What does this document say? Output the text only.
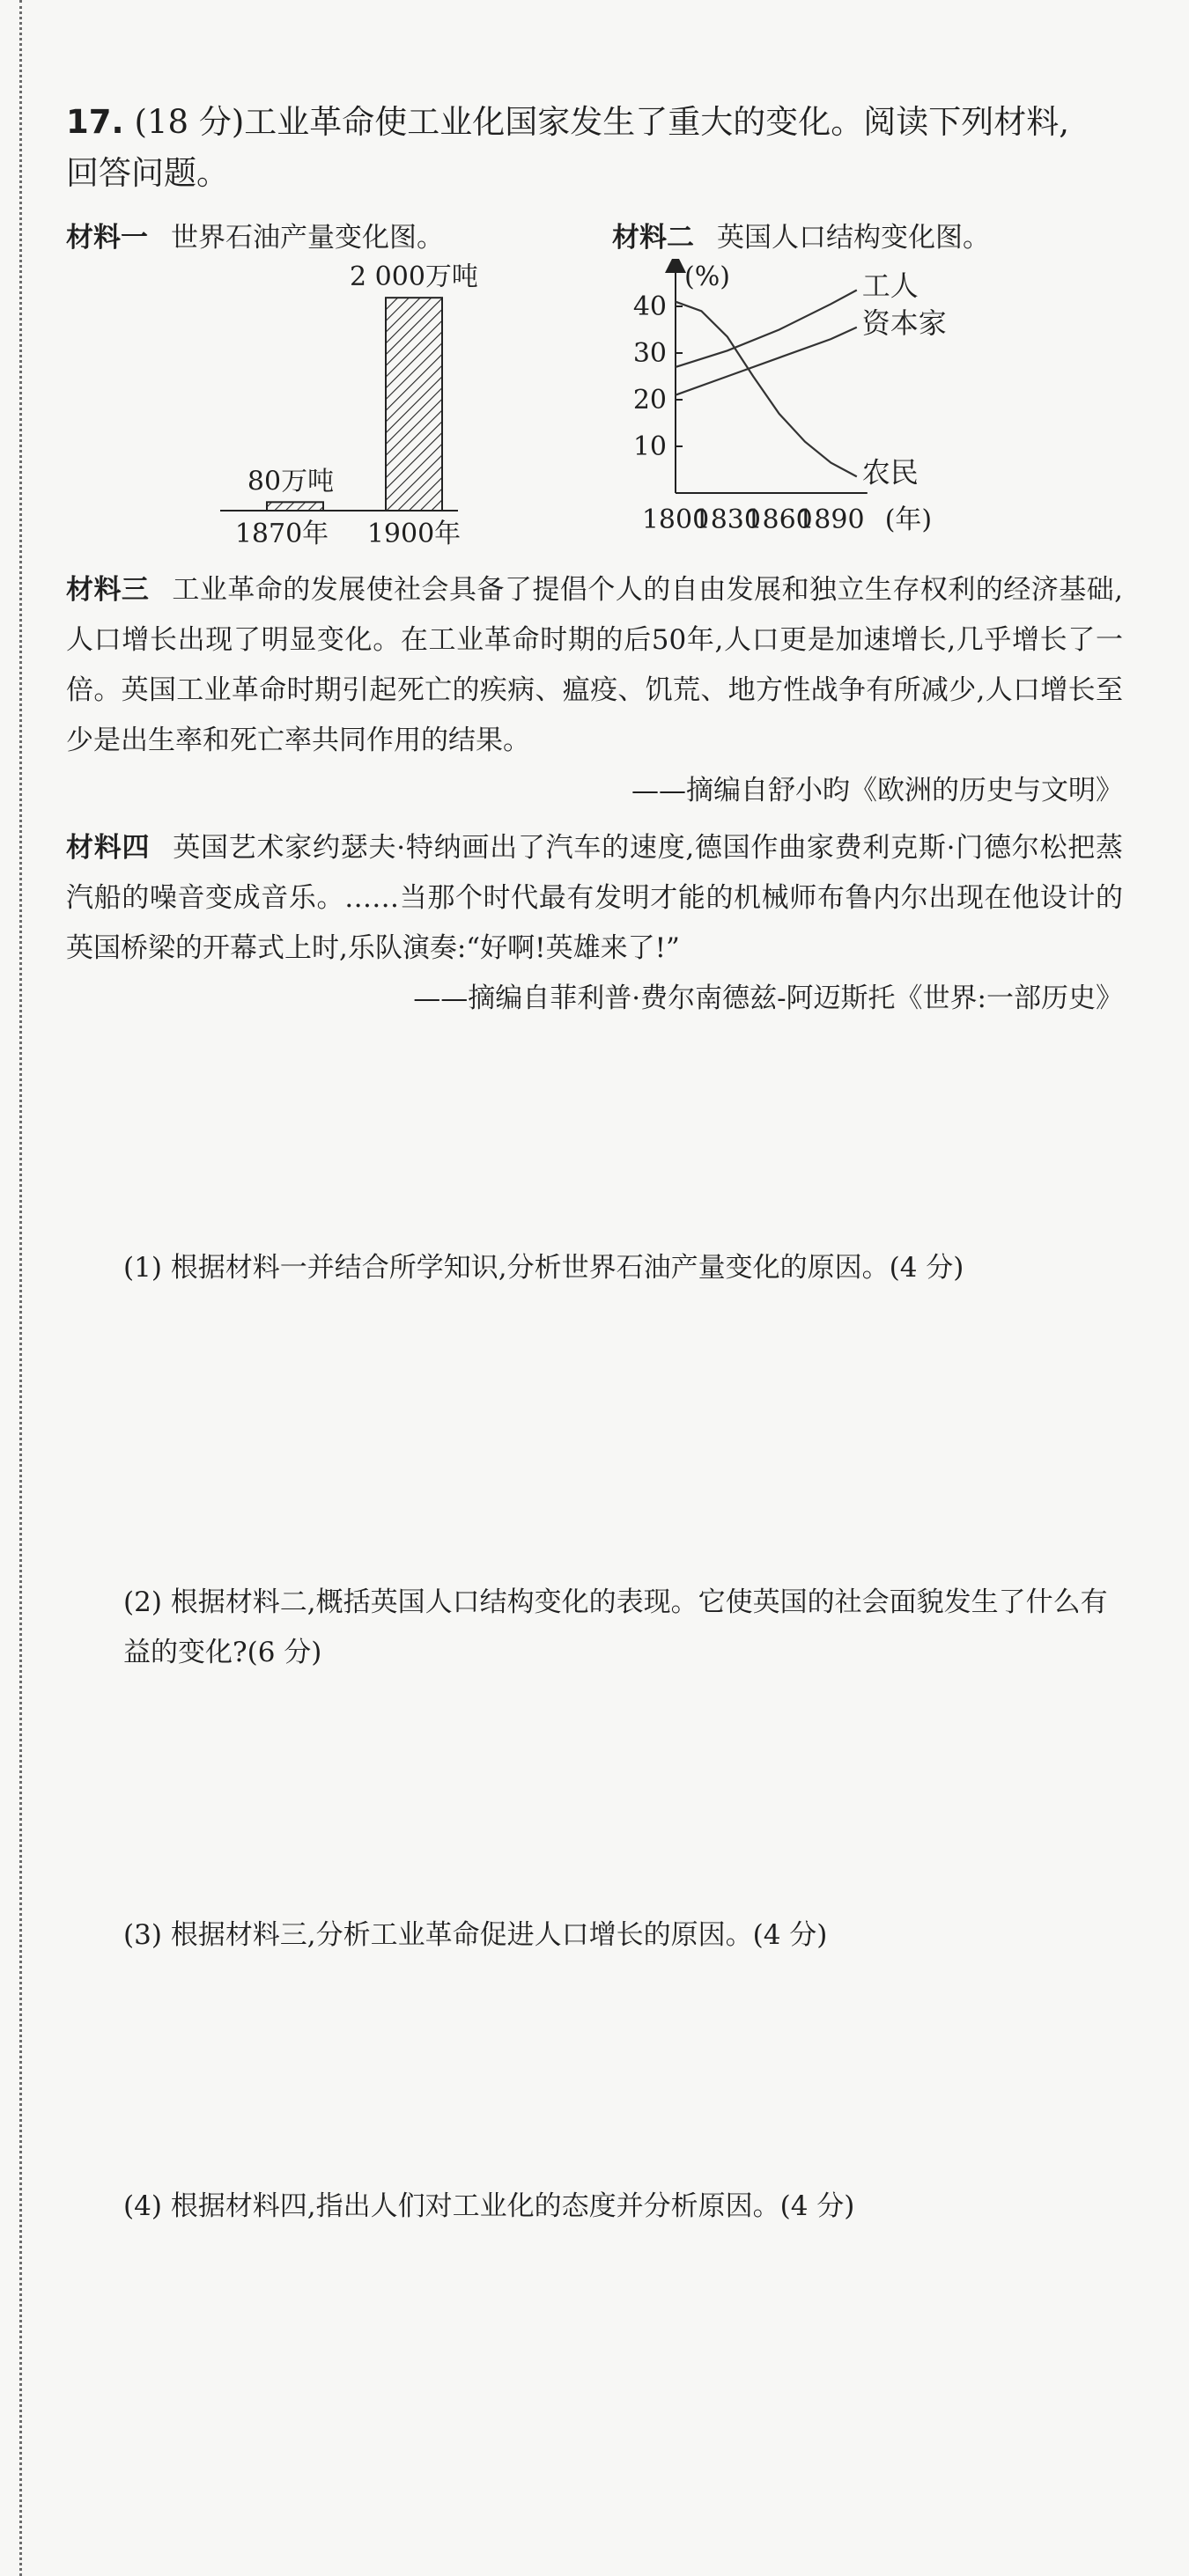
17. (18 分)工业革命使工业化国家发生了重大的变化。阅读下列材料,
回答问题。
材料一 世界石油产量变化图。	材料二 英国人口结构变化图。
80万吨
1870年
2 000万吨
1900年
(%)
10
20
30
40
1800
1830
1860
1890 (年)
工人
资本家
农民
材料三 工业革命的发展使社会具备了提倡个人的自由发展和独立生存权利的经济基础,人口增长出现了明显变化。在工业革命时期的后50年,人口更是加速增长,几乎增长了一倍。英国工业革命时期引起死亡的疾病、瘟疫、饥荒、地方性战争有所减少,人口增长至少是出生率和死亡率共同作用的结果。
——摘编自舒小昀《欧洲的历史与文明》
材料四 英国艺术家约瑟夫·特纳画出了汽车的速度,德国作曲家费利克斯·门德尔松把蒸汽船的噪音变成音乐。……当那个时代最有发明才能的机械师布鲁内尔出现在他设计的英国桥梁的开幕式上时,乐队演奏:“好啊!英雄来了!”
——摘编自菲利普·费尔南德兹-阿迈斯托《世界:一部历史》
(1) 根据材料一并结合所学知识,分析世界石油产量变化的原因。(4 分)
(2) 根据材料二,概括英国人口结构变化的表现。它使英国的社会面貌发生了什么有益的变化?(6 分)
(3) 根据材料三,分析工业革命促进人口增长的原因。(4 分)
(4) 根据材料四,指出人们对工业化的态度并分析原因。(4 分)
